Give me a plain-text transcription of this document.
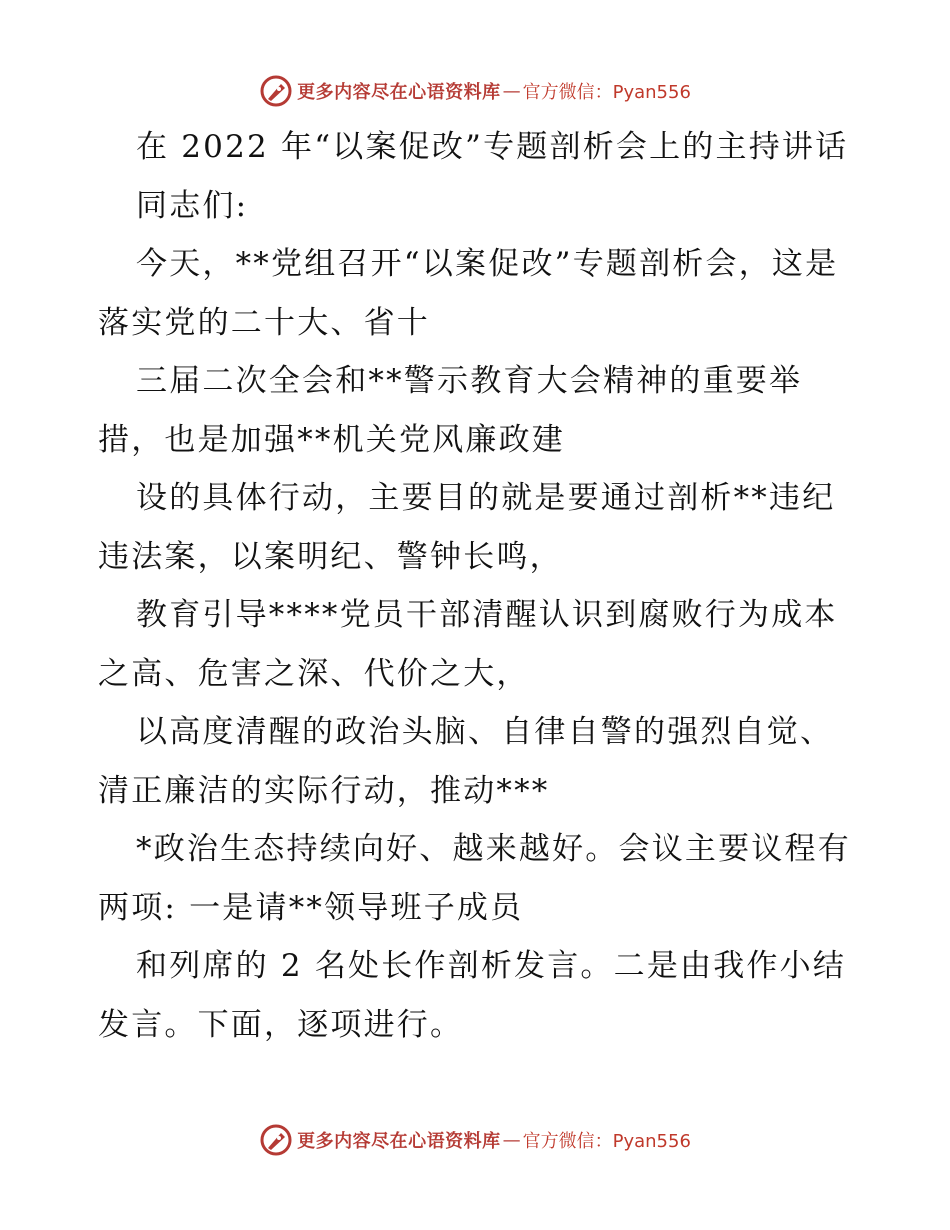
更多内容尽在心语资料库 — 官方微信：Pyan556

在 2022 年“以案促改”专题剖析会上的主持讲话

同志们:

今天，**党组召开“以案促改”专题剖析会，这是落实党的二十大、省十

三届二次全会和**警示教育大会精神的重要举措，也是加强**机关党风廉政建

设的具体行动，主要目的就是要通过剖析**违纪违法案，以案明纪、警钟长鸣，

教育引导****党员干部清醒认识到腐败行为成本之高、危害之深、代价之大，

以高度清醒的政治头脑、自律自警的强烈自觉、清正廉洁的实际行动，推动***

*政治生态持续向好、越来越好。会议主要议程有两项: 一是请**领导班子成员

和列席的 2 名处长作剖析发言。二是由我作小结发言。下面，逐项进行。

更多内容尽在心语资料库 — 官方微信：Pyan556
